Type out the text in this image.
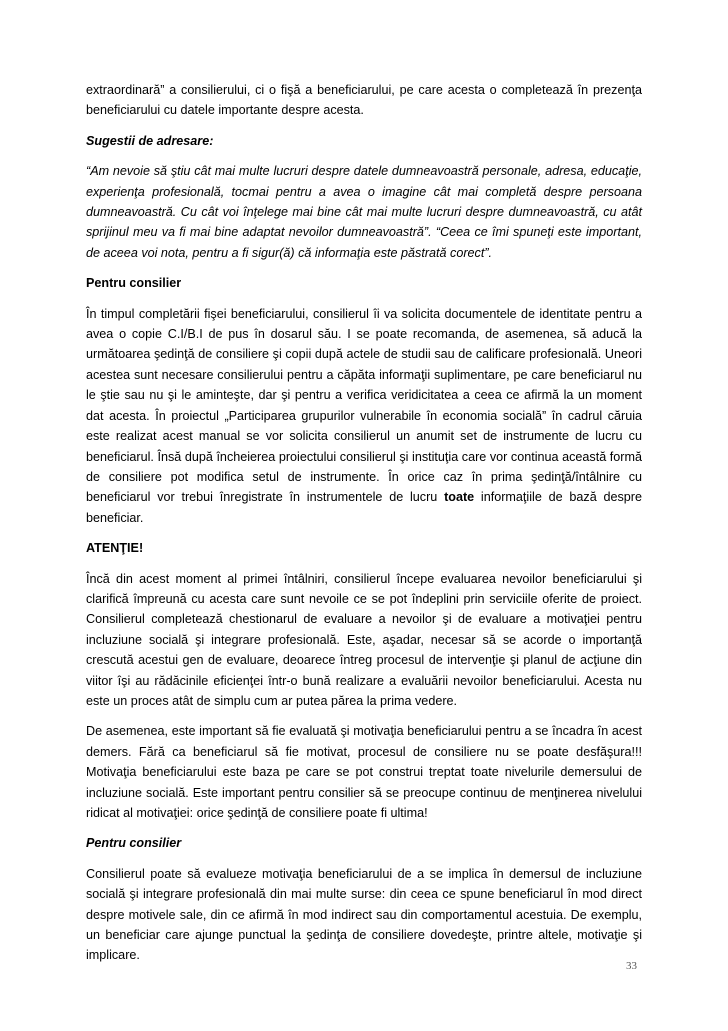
extraordinară” a consilierului, ci o fişă a beneficiarului, pe care acesta o completează în prezenţa beneficiarului cu datele importante despre acesta.

Sugestii de adresare:

“Am nevoie să ştiu cât mai multe lucruri despre datele dumneavoastră personale, adresa, educaţie, experienţa profesională, tocmai pentru a avea o imagine cât mai completă despre persoana dumneavoastră. Cu cât voi înţelege mai bine cât mai multe lucruri despre dumneavoastră, cu atât sprijinul meu va fi mai bine adaptat nevoilor dumneavoastră”. “Ceea ce îmi spuneţi este important, de aceea voi nota, pentru a fi sigur(ă) că informaţia este păstrată corect”.

Pentru consilier

În timpul completării fişei beneficiarului, consilierul îi va solicita documentele de identitate pentru a avea o copie C.I/B.I de pus în dosarul său. I se poate recomanda, de asemenea, să aducă la următoarea şedinţă de consiliere şi copii după actele de studii sau de calificare profesională. Uneori acestea sunt necesare consilierului pentru a căpăta informaţii suplimentare, pe care beneficiarul nu le ştie sau nu şi le aminteşte, dar şi pentru a verifica veridicitatea a ceea ce afirmă la un moment dat acesta. În proiectul „Participarea grupurilor vulnerabile în economia socială” în cadrul căruia este realizat acest manual se vor solicita consilierul un anumit set de instrumente de lucru cu beneficiarul. Însă după încheierea proiectului consilierul şi instituţia care vor continua această formă de consiliere pot modifica setul de instrumente. În orice caz în prima şedinţă/întâlnire cu beneficiarul vor trebui înregistrate în instrumentele de lucru toate informaţiile de bază despre beneficiar.

ATENŢIE!

Încă din acest moment al primei întâlniri, consilierul începe evaluarea nevoilor beneficiarului şi clarifică împreună cu acesta care sunt nevoile ce se pot îndeplini prin serviciile oferite de proiect. Consilierul completează chestionarul de evaluare a nevoilor şi de evaluare a motivaţiei pentru incluziune socială şi integrare profesională. Este, aşadar, necesar să se acorde o importanţă crescută acestui gen de evaluare, deoarece întreg procesul de intervenţie şi planul de acţiune din viitor îşi au rădăcinile eficienţei într-o bună realizare a evaluării nevoilor beneficiarului. Acesta nu este un proces atât de simplu cum ar putea părea la prima vedere.

De asemenea, este important să fie evaluată şi motivaţia beneficiarului pentru a se încadra în acest demers. Fără ca beneficiarul să fie motivat, procesul de consiliere nu se poate desfăşura!!! Motivaţia beneficiarului este baza pe care se pot construi treptat toate nivelurile demersului de incluziune socială. Este important pentru consilier să se preocupe continuu de menţinerea nivelului ridicat al motivaţiei: orice şedinţă de consiliere poate fi ultima!

Pentru consilier

Consilierul poate să evalueze motivaţia beneficiarului de a se implica în demersul de incluziune socială şi integrare profesională din mai multe surse: din ceea ce spune beneficiarul în mod direct despre motivele sale, din ce afirmă în mod indirect sau din comportamentul acestuia. De exemplu, un beneficiar care ajunge punctual la şedinţa de consiliere dovedeşte, printre altele, motivaţie şi implicare.

33
